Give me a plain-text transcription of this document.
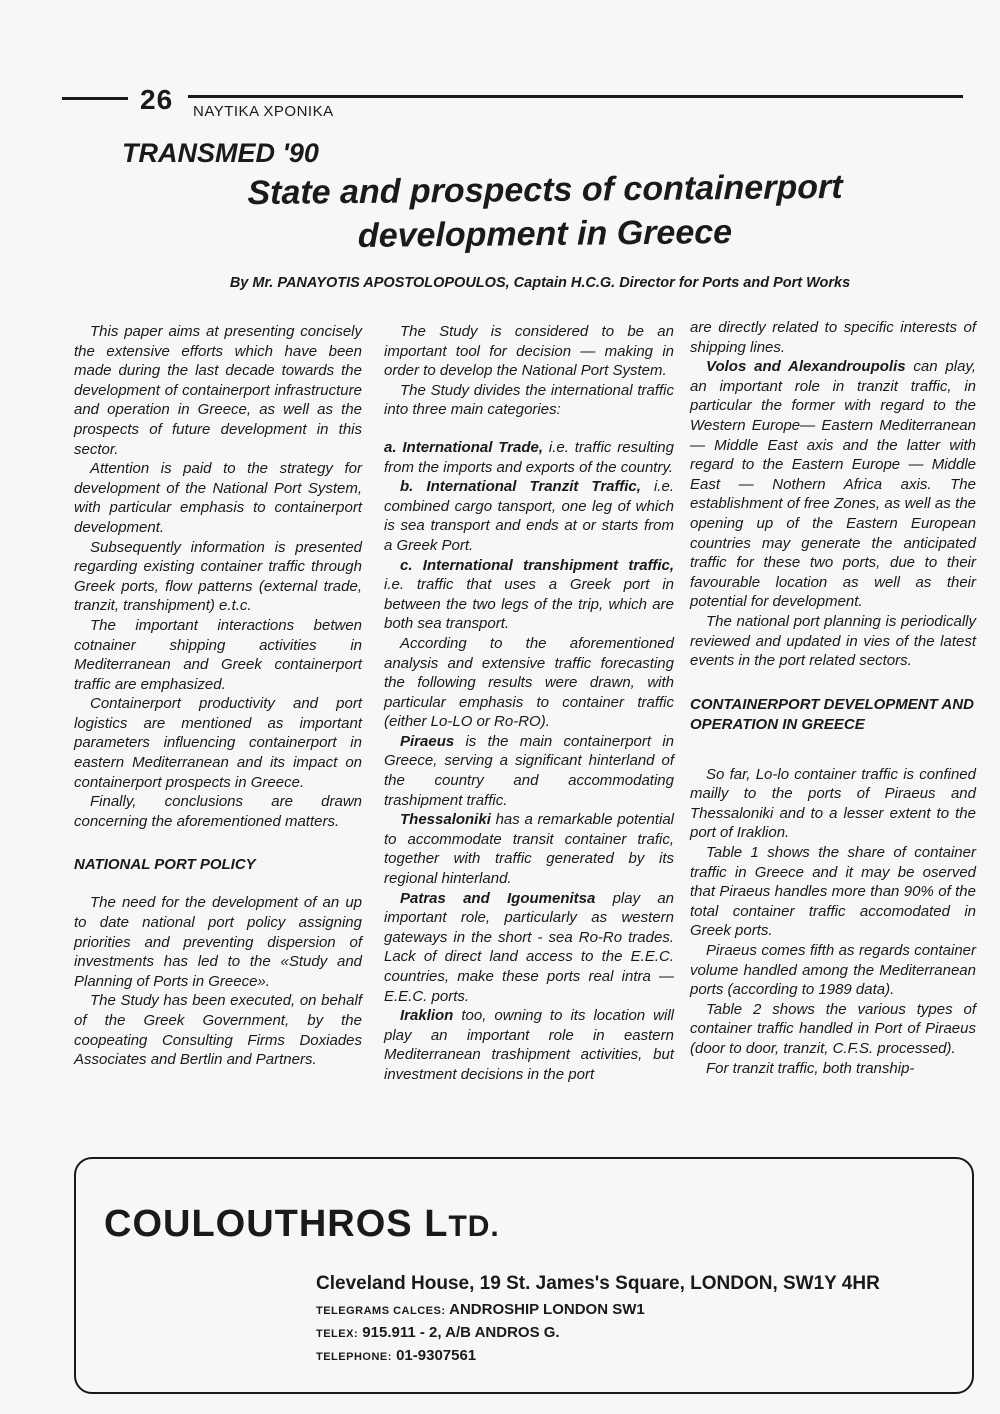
26 ΝΑΥΤΙΚΑ ΧΡΟΝΙΚΑ
TRANSMED '90
State and prospects of containerport development in Greece
By Mr. PANAYOTIS APOSTOLOPOULOS, Captain H.C.G. Director for Ports and Port Works

This paper aims at presenting concisely the extensive efforts which have been made during the last decade towards the development of containerport infrastructure and operation in Greece, as well as the prospects of future development in this sector.

Attention is paid to the strategy for development of the National Port System, with particular emphasis to containerport development.

Subsequently information is presented regarding existing container traffic through Greek ports, flow patterns (external trade, tranzit, transhipment) e.t.c.

The important interactions betwen cotnainer shipping activities in Mediterranean and Greek containerport traffic are emphasized.

Containerport productivity and port logistics are mentioned as important parameters influencing containerport in eastern Mediterranean and its impact on containerport prospects in Greece.

Finally, conclusions are drawn concerning the aforementioned matters.

NATIONAL PORT POLICY

The need for the development of an up to date national port policy assigning priorities and preventing dispersion of investments has led to the «Study and Planning of Ports in Greece».

The Study has been executed, on behalf of the Greek Government, by the coopeating Consulting Firms Doxiades Associates and Bertlin and Partners.

The Study is considered to be an important tool for decision — making in order to develop the National Port System.

The Study divides the international traffic into three main categories:

a. International Trade, i.e. traffic resulting from the imports and exports of the country.

b. International Tranzit Traffic, i.e. combined cargo tansport, one leg of which is sea transport and ends at or starts from a Greek Port.

c. International transhipment traffic, i.e. traffic that uses a Greek port in between the two legs of the trip, which are both sea transport.

According to the aforementioned analysis and extensive traffic forecasting the following results were drawn, with particular emphasis to container traffic (either Lo-LO or Ro-RO).

Piraeus is the main containerport in Greece, serving a significant hinterland of the country and accommodating trashipment traffic.

Thessaloniki has a remarkable potential to accommodate transit container trafic, together with traffic generated by its regional hinterland.

Patras and Igoumenitsa play an important role, particularly as western gateways in the short - sea Ro-Ro trades. Lack of direct land access to the E.E.C. countries, make these ports real intra — E.E.C. ports.

Iraklion too, owning to its location will play an important role in eastern Mediterranean trashipment activities, but investment decisions in the port

are directly related to specific interests of shipping lines.

Volos and Alexandroupolis can play, an important role in tranzit traffic, in particular the former with regard to the Western Europe— Eastern Mediterranean — Middle East axis and the latter with regard to the Eastern Europe — Middle East — Nothern Africa axis. The establishment of free Zones, as well as the opening up of the Eastern European countries may generate the anticipated traffic for these two ports, due to their favourable location as well as their potential for development.

The national port planning is periodically reviewed and updated in vies of the latest events in the port related sectors.

CONTAINERPORT DEVELOPMENT AND OPERATION IN GREECE

So far, Lo-lo container traffic is confined mailly to the ports of Piraeus and Thessaloniki and to a lesser extent to the port of Iraklion.

Table 1 shows the share of container traffic in Greece and it may be oserved that Piraeus handles more than 90% of the total container traffic accomodated in Greek ports.

Piraeus comes fifth as regards container volume handled among the Mediterranean ports (according to 1989 data).

Table 2 shows the various types of container traffic handled in Port of Piraeus (door to door, tranzit, C.F.S. processed).

For tranzit traffic, both tranship-

COULOUTHROS LTD.
Cleveland House, 19 St. James's Square, LONDON, SW1Y 4HR
TELEGRAMS CALCES: ANDROSHIP LONDON SW1
TELEX: 915.911 - 2, A/B ANDROS G.
TELEPHONE: 01-9307561
